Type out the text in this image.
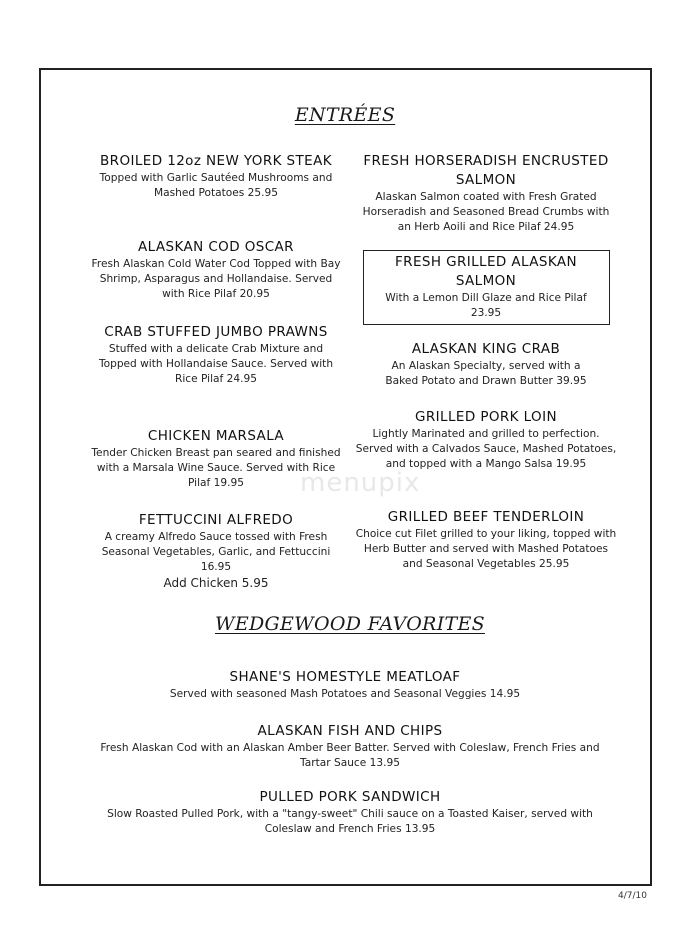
ENTRÉES
menupix
BROILED 12oz NEW YORK STEAK
Topped with Garlic Sautéed Mushrooms and Mashed Potatoes 25.95
ALASKAN COD OSCAR
Fresh Alaskan Cold Water Cod Topped with Bay Shrimp, Asparagus and Hollandaise. Served with Rice Pilaf 20.95
CRAB STUFFED JUMBO PRAWNS
Stuffed with a delicate Crab Mixture and Topped with Hollandaise Sauce. Served with Rice Pilaf 24.95
CHICKEN MARSALA
Tender Chicken Breast pan seared and finished with a Marsala Wine Sauce. Served with Rice Pilaf 19.95
FETTUCCINI ALFREDO
A creamy Alfredo Sauce tossed with Fresh Seasonal Vegetables, Garlic, and Fettuccini 16.95
Add Chicken 5.95
FRESH HORSERADISH ENCRUSTED SALMON
Alaskan Salmon coated with Fresh Grated Horseradish and Seasoned Bread Crumbs with an Herb Aoili and Rice Pilaf 24.95
FRESH GRILLED ALASKAN SALMON
With a Lemon Dill Glaze and Rice Pilaf 23.95
ALASKAN KING CRAB
An Alaskan Specialty, served with a Baked Potato and Drawn Butter 39.95
GRILLED PORK LOIN
Lightly Marinated and grilled to perfection. Served with a Calvados Sauce, Mashed Potatoes, and topped with a Mango Salsa 19.95
GRILLED BEEF TENDERLOIN
Choice cut Filet grilled to your liking, topped with Herb Butter and served with Mashed Potatoes and Seasonal Vegetables 25.95
WEDGEWOOD FAVORITES
SHANE'S HOMESTYLE MEATLOAF
Served with seasoned Mash Potatoes and Seasonal Veggies 14.95
ALASKAN FISH AND CHIPS
Fresh Alaskan Cod with an Alaskan Amber Beer Batter. Served with Coleslaw, French Fries and Tartar Sauce 13.95
PULLED PORK SANDWICH
Slow Roasted Pulled Pork, with a "tangy-sweet" Chili sauce on a Toasted Kaiser, served with Coleslaw and French Fries 13.95
4/7/10
